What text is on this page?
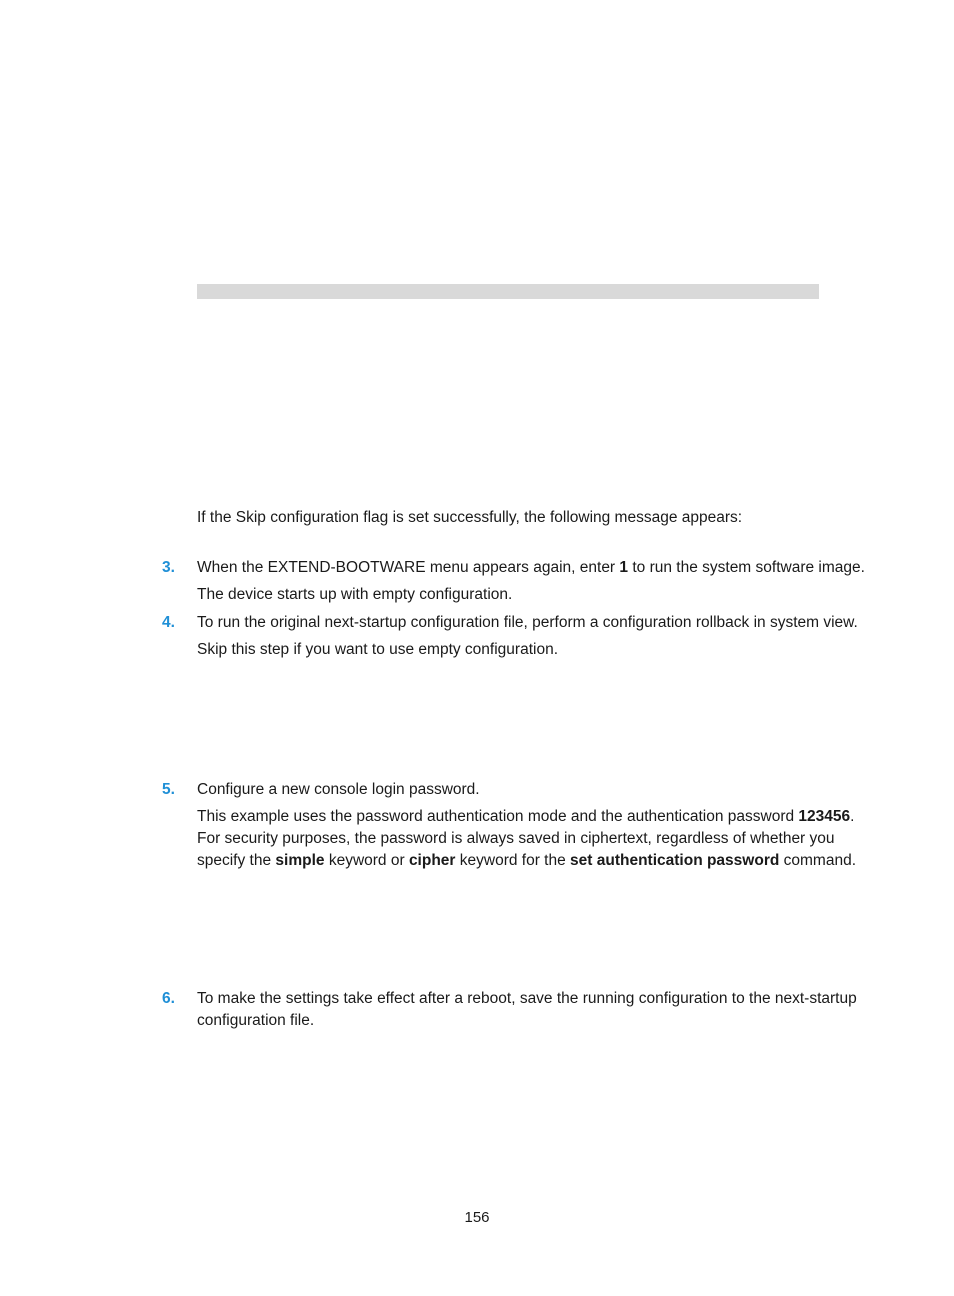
If the Skip configuration flag is set successfully, the following message appears:
3. When the EXTEND-BOOTWARE menu appears again, enter 1 to run the system software image.
The device starts up with empty configuration.
4. To run the original next-startup configuration file, perform a configuration rollback in system view.
Skip this step if you want to use empty configuration.
5. Configure a new console login password.
This example uses the password authentication mode and the authentication password 123456. For security purposes, the password is always saved in ciphertext, regardless of whether you specify the simple keyword or cipher keyword for the set authentication password command.
6. To make the settings take effect after a reboot, save the running configuration to the next-startup configuration file.
156
